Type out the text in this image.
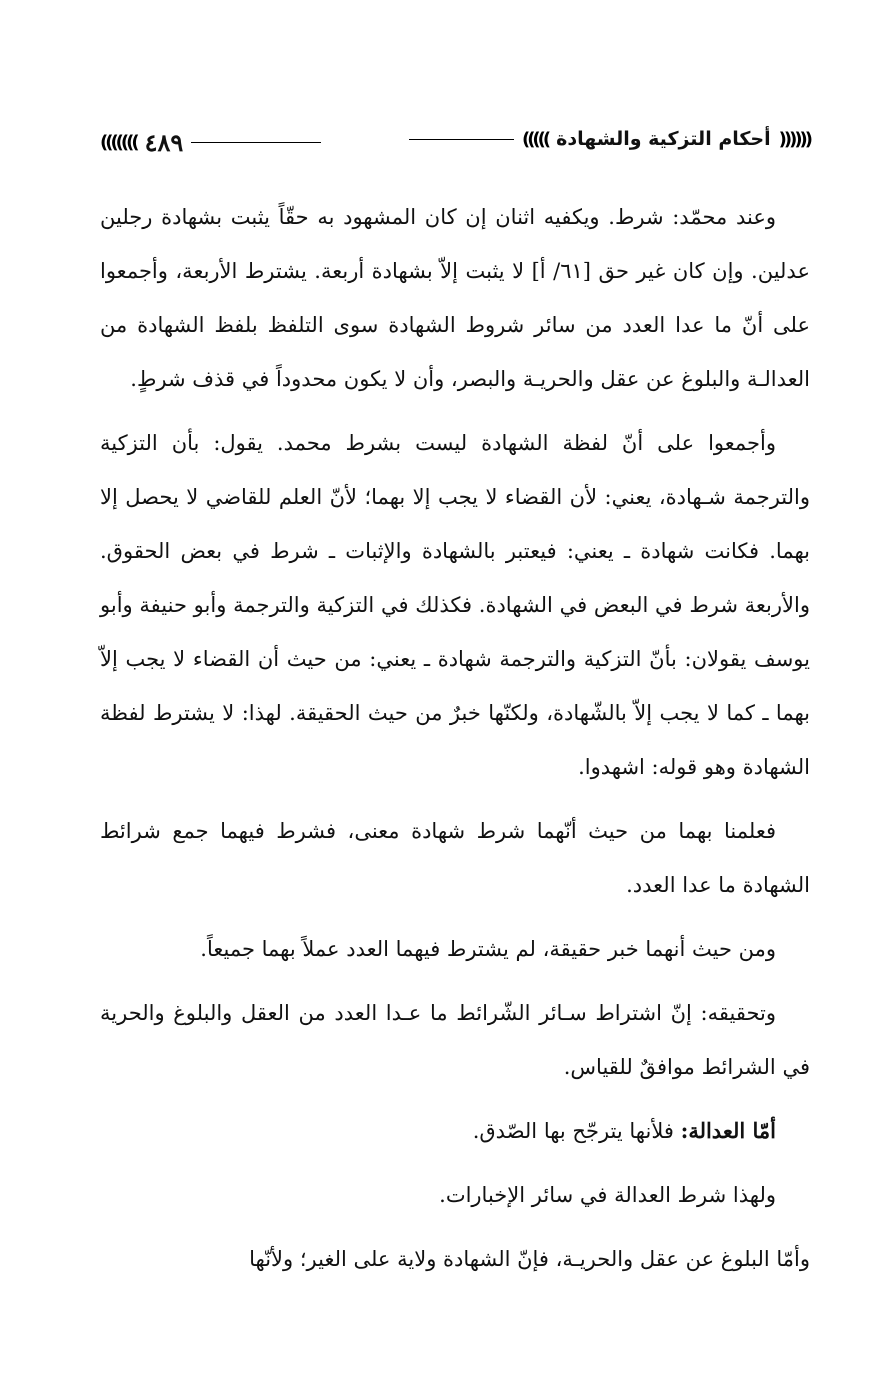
((((((( ٤٨٩	((((( أحكام التزكية والشهادة ))))))

وعند محمّد: شرط. ويكفيه اثنان إن كان المشهود به حقّاً يثبت بشهادة رجلين عدلين. وإن كان غير حق [٦١/ أ] لا يثبت إلاّ بشهادة أربعة. يشترط الأربعة، وأجمعوا على أنّ ما عدا العدد من سائر شروط الشهادة سوى التلفظ بلفظ الشهادة من العدالـة والبلوغ عن عقل والحريـة والبصر، وأن لا يكون محدوداً في قذف شرطٍ.

وأجمعوا على أنّ لفظة الشهادة ليست بشرط محمد. يقول: بأن التزكية والترجمة شـهادة، يعني: لأن القضاء لا يجب إلا بهما؛ لأنّ العلم للقاضي لا يحصل إلا بهما. فكانت شهادة ـ يعني: فيعتبر بالشهادة والإثبات ـ شرط في بعض الحقوق. والأربعة شرط في البعض في الشهادة. فكذلك في التزكية والترجمة وأبو حنيفة وأبو يوسف يقولان: بأنّ التزكية والترجمة شهادة ـ يعني: من حيث أن القضاء لا يجب إلاّ بهما ـ كما لا يجب إلاّ بالشّهادة، ولكنّها خبرٌ من حيث الحقيقة. لهذا: لا يشترط لفظة الشهادة وهو قوله: اشهدوا.

فعلمنا بهما من حيث أنّهما شرط شهادة معنى، فشرط فيهما جمع شرائط الشهادة ما عدا العدد.

ومن حيث أنهما خبر حقيقة، لم يشترط فيهما العدد عملاً بهما جميعاً.

وتحقيقه: إنّ اشتراط سـائر الشّرائط ما عـدا العدد من العقل والبلوغ والحرية في الشرائط موافقٌ للقياس.

أمّا العدالة: فلأنها يترجّح بها الصّدق.

ولهذا شرط العدالة في سائر الإخبارات.

وأمّا البلوغ عن عقل والحريـة، فإنّ الشهادة ولاية على الغير؛ ولأنّها
